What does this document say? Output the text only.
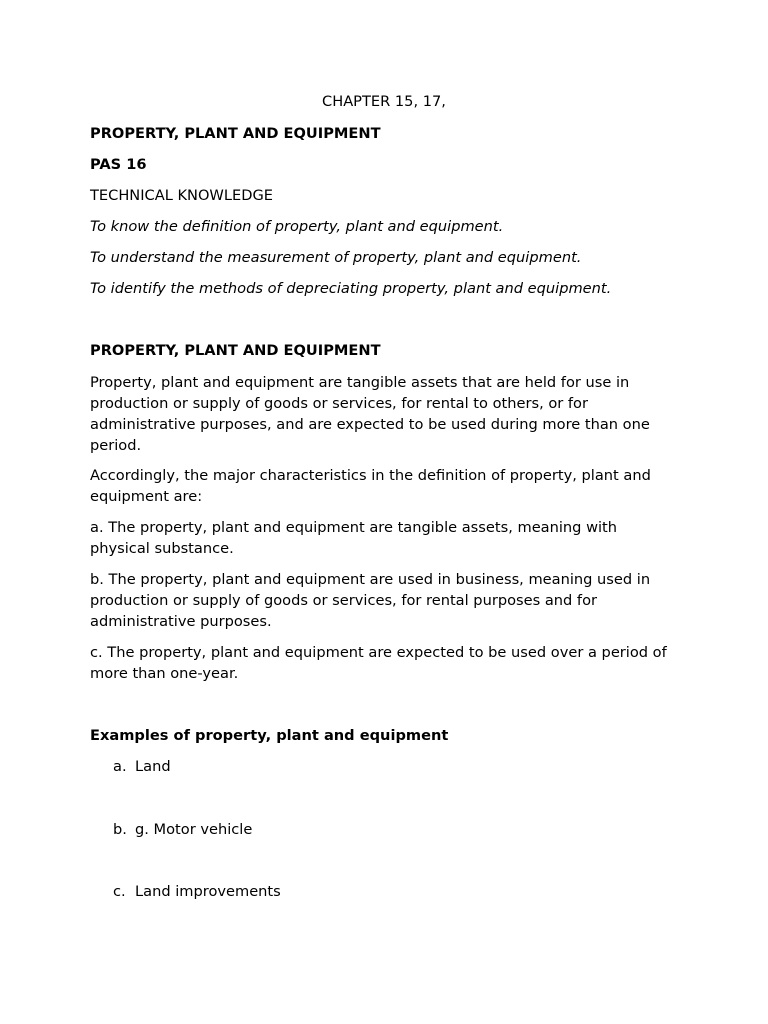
CHAPTER 15, 17,

PROPERTY, PLANT AND EQUIPMENT

PAS 16

TECHNICAL KNOWLEDGE

To know the definition of property, plant and equipment.

To understand the measurement of property, plant and equipment.

To identify the methods of depreciating property, plant and equipment.

PROPERTY, PLANT AND EQUIPMENT

Property, plant and equipment are tangible assets that are held for use in production or supply of goods or services, for rental to others, or for administrative purposes, and are expected to be used during more than one period.

Accordingly, the major characteristics in the definition of property, plant and equipment are:

a. The property, plant and equipment are tangible assets, meaning with physical substance.

b. The property, plant and equipment are used in business, meaning used in production or supply of goods or services, for rental purposes and for administrative purposes.

c. The property, plant and equipment are expected to be used over a period of more than one-year.

Examples of property, plant and equipment

a. Land

b. g. Motor vehicle

c. Land improvements
